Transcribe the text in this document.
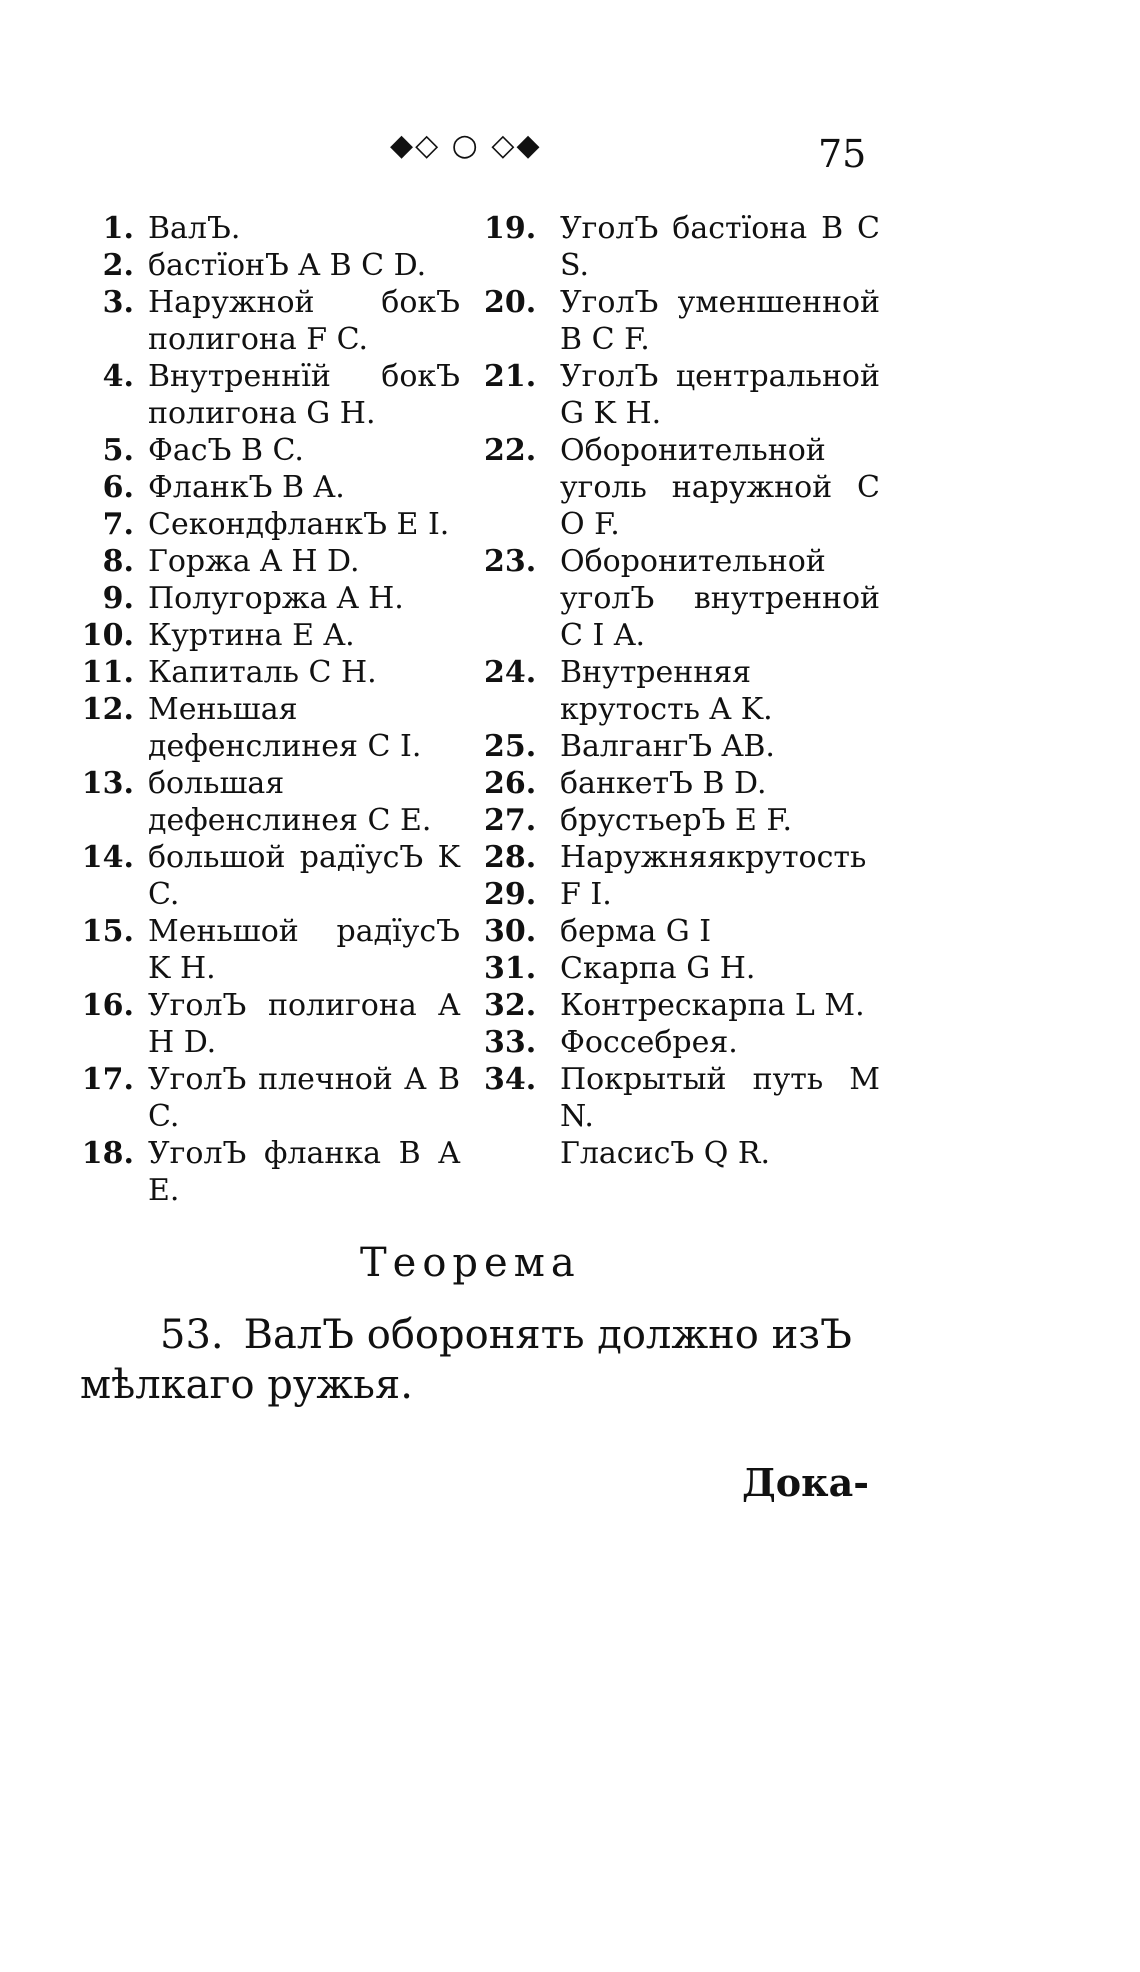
◆◇ ○ ◇◆	75
1. ВалЪ.
2. бастїонЪ A B C D.
3. Наружной бокЪ полигона F C.
4. Внутреннїй бокЪ полигона G H.
5. ФасЪ B C.
6. ФланкЪ B A.
7. СекондфланкЪ E I.
8. Горжа A H D.
9. Полугоржа A H.
10. Куртина E A.
11. Капиталь C H.
12. Меньшая дефенслинея C I.
13. большая дефенслинея C E.
14. большой радїусЪ K C.
15. Меньшой радїусЪ K H.
16. УголЪ полигона A H D.
17. УголЪ плечной A B C.
18. УголЪ фланка B A E.
19. УголЪ бастїона B C S.
20. УголЪ уменшенной B C F.
21. УголЪ центральной G K H.
22. Оборонительной уголь наружной C O F.
23. Оборонительной уголЪ внутренной C I A.
24. Внутренняя крутость A K.
25. ВалгангЪ AB.
26. банкетЪ B D.
27. брустьерЪ E F.
28. Наружняякрутость
29. F I.
30. берма G I
31. Скарпа G H.
32. Контрескарпа L M.
33. Фоссебрея.
34. Покрытый путь M N.
ГласисЪ Q R.
Теорема
53. ВалЪ оборонять должно изЪ мѣлкаго ружья.
Дока-
